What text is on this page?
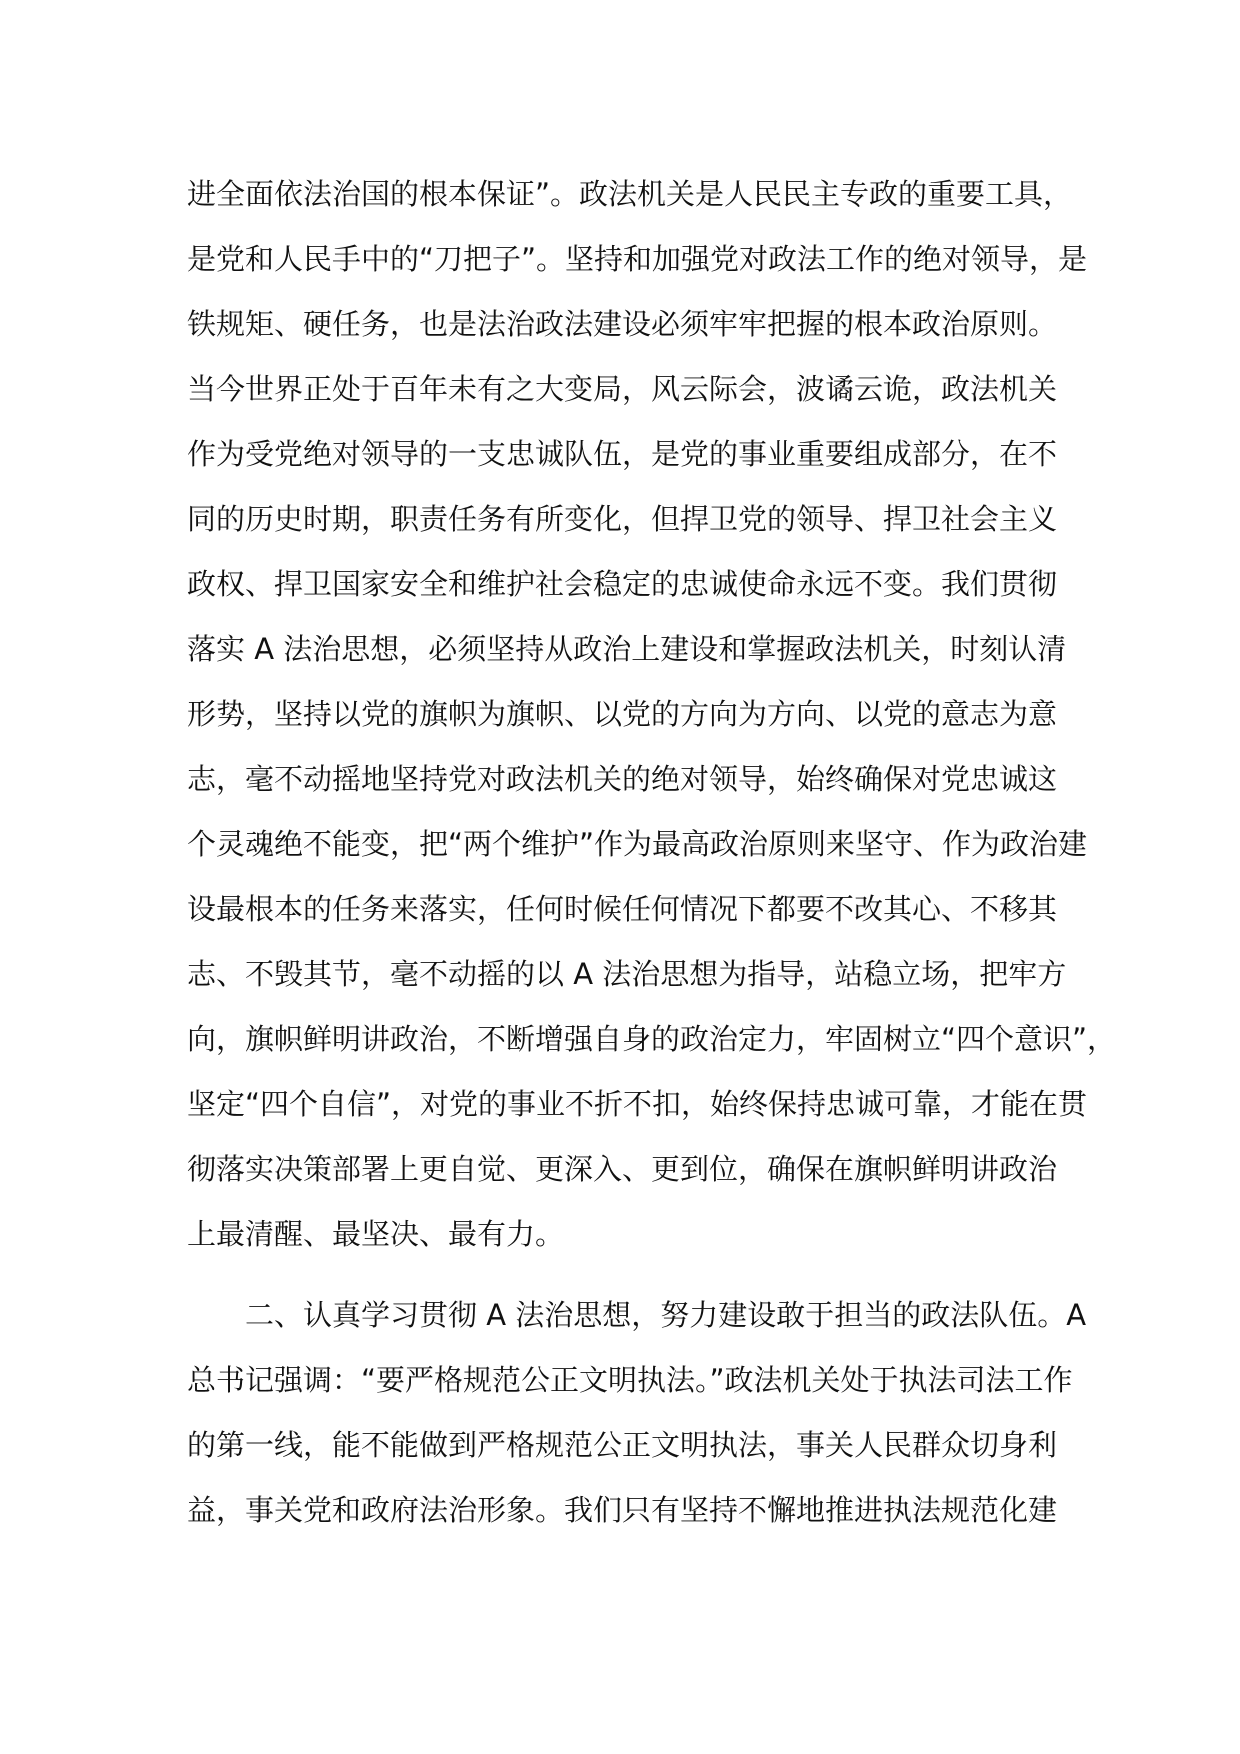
进全面依法治国的根本保证”。政法机关是人民民主专政的重要工具，
是党和人民手中的“刀把子”。坚持和加强党对政法工作的绝对领导，是
铁规矩、硬任务，也是法治政法建设必须牢牢把握的根本政治原则。
当今世界正处于百年未有之大变局，风云际会，波谲云诡，政法机关
作为受党绝对领导的一支忠诚队伍，是党的事业重要组成部分，在不
同的历史时期，职责任务有所变化，但捍卫党的领导、捍卫社会主义
政权、捍卫国家安全和维护社会稳定的忠诚使命永远不变。我们贯彻
落实 A 法治思想，必须坚持从政治上建设和掌握政法机关，时刻认清
形势，坚持以党的旗帜为旗帜、以党的方向为方向、以党的意志为意
志，毫不动摇地坚持党对政法机关的绝对领导，始终确保对党忠诚这
个灵魂绝不能变，把“两个维护”作为最高政治原则来坚守、作为政治建
设最根本的任务来落实，任何时候任何情况下都要不改其心、不移其
志、不毁其节，毫不动摇的以 A 法治思想为指导，站稳立场，把牢方
向，旗帜鲜明讲政治，不断增强自身的政治定力，牢固树立“四个意识”，
坚定“四个自信”，对党的事业不折不扣，始终保持忠诚可靠，才能在贯
彻落实决策部署上更自觉、更深入、更到位，确保在旗帜鲜明讲政治
上最清醒、最坚决、最有力。
　　二、认真学习贯彻 A 法治思想，努力建设敢于担当的政法队伍。A
总书记强调：“要严格规范公正文明执法。”政法机关处于执法司法工作
的第一线，能不能做到严格规范公正文明执法，事关人民群众切身利
益，事关党和政府法治形象。我们只有坚持不懈地推进执法规范化建
